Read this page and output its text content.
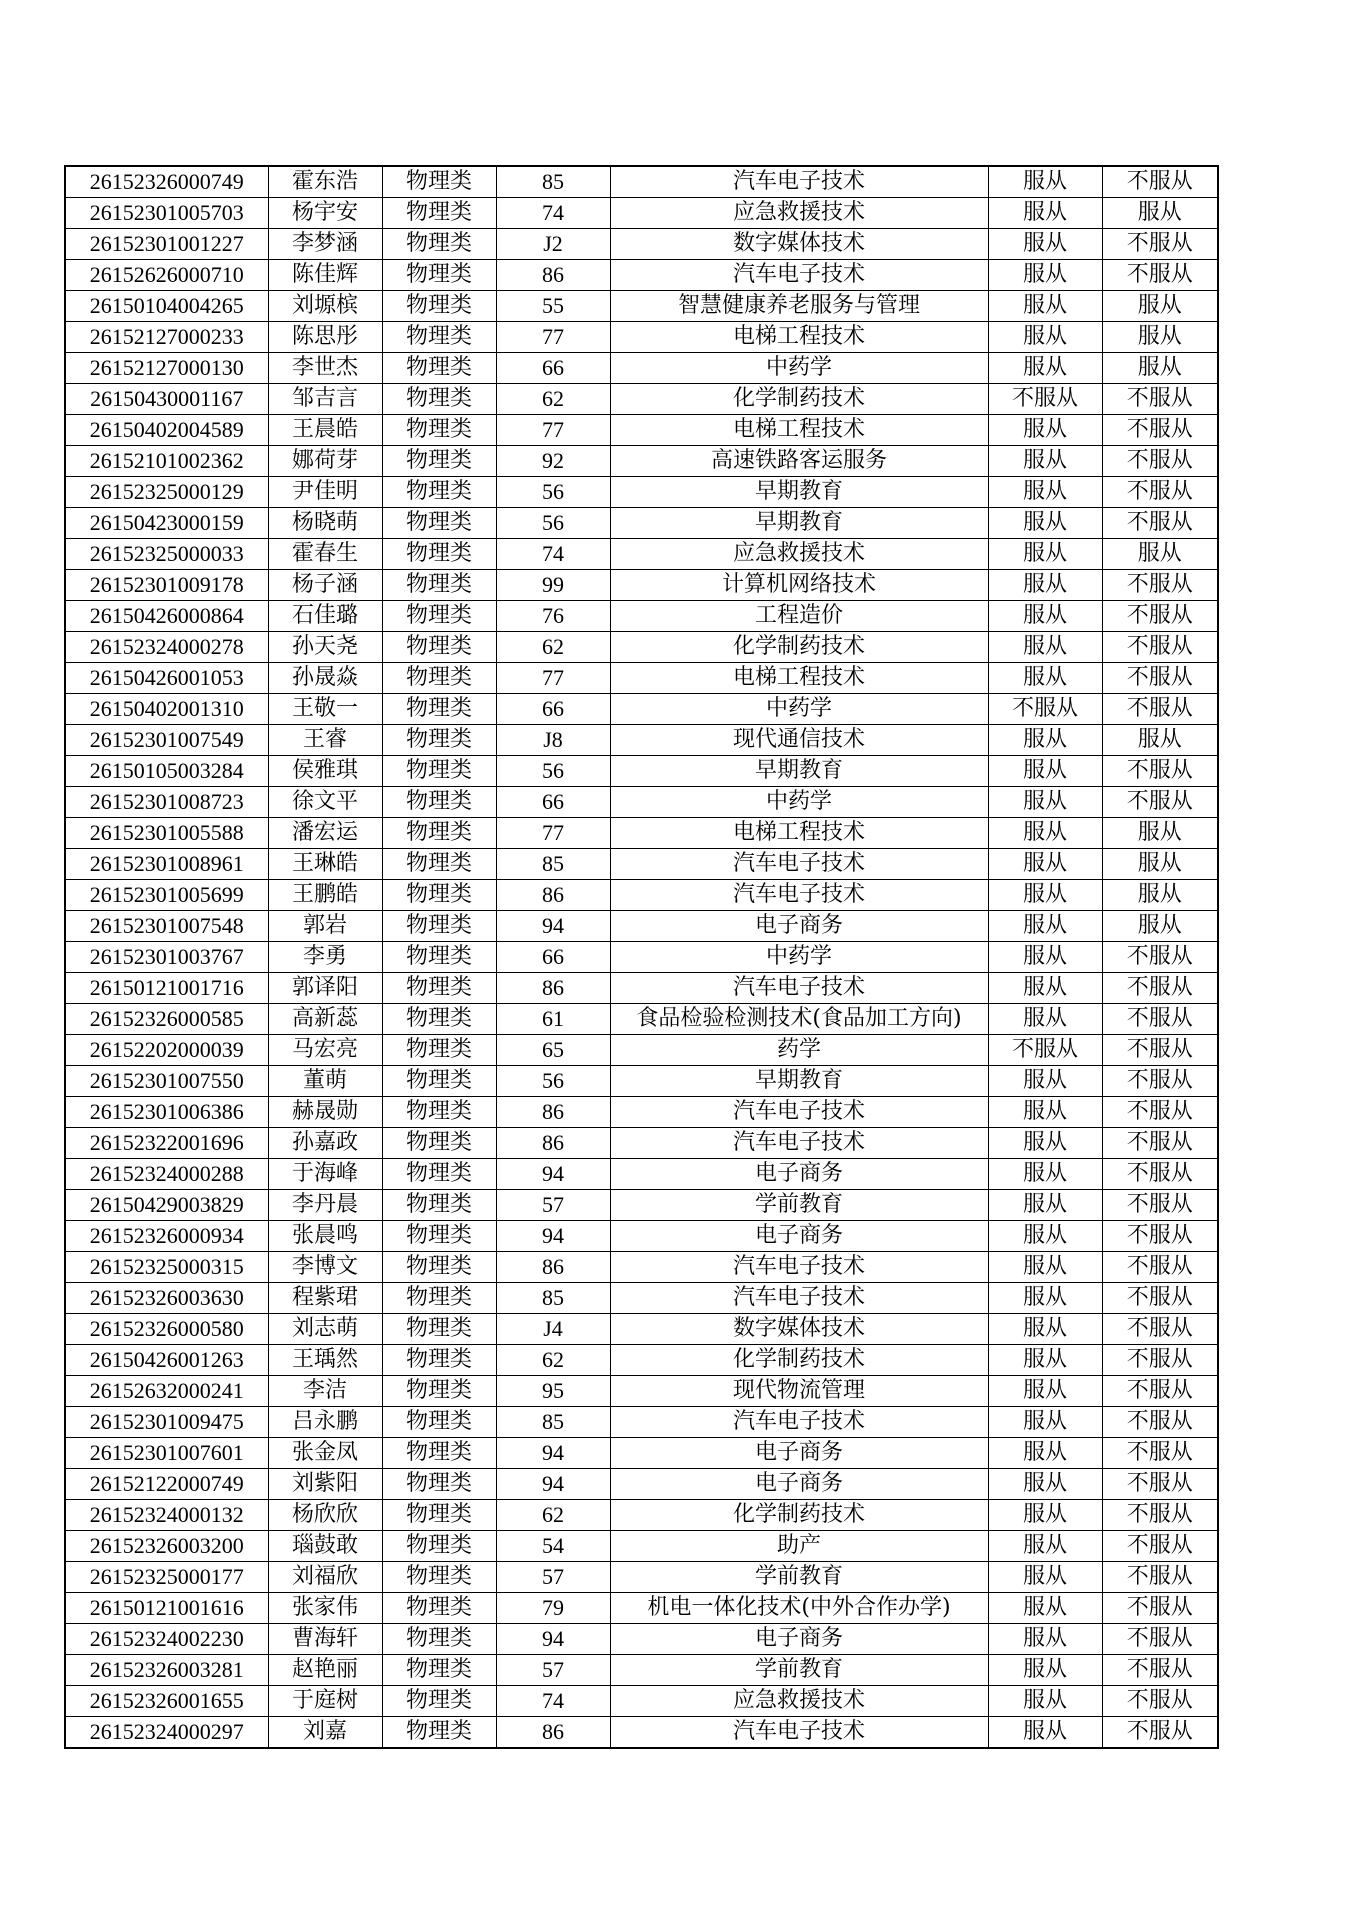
26152326000749	霍东浩	物理类	85	汽车电子技术	服从	不服从
26152301005703	杨宇安	物理类	74	应急救援技术	服从	服从
26152301001227	李梦涵	物理类	J2	数字媒体技术	服从	不服从
26152626000710	陈佳辉	物理类	86	汽车电子技术	服从	不服从
26150104004265	刘塬槟	物理类	55	智慧健康养老服务与管理	服从	服从
26152127000233	陈思彤	物理类	77	电梯工程技术	服从	服从
26152127000130	李世杰	物理类	66	中药学	服从	服从
26150430001167	邹吉言	物理类	62	化学制药技术	不服从	不服从
26150402004589	王晨皓	物理类	77	电梯工程技术	服从	不服从
26152101002362	娜荷芽	物理类	92	高速铁路客运服务	服从	不服从
26152325000129	尹佳明	物理类	56	早期教育	服从	不服从
26150423000159	杨晓萌	物理类	56	早期教育	服从	不服从
26152325000033	霍春生	物理类	74	应急救援技术	服从	服从
26152301009178	杨子涵	物理类	99	计算机网络技术	服从	不服从
26150426000864	石佳璐	物理类	76	工程造价	服从	不服从
26152324000278	孙天尧	物理类	62	化学制药技术	服从	不服从
26150426001053	孙晟焱	物理类	77	电梯工程技术	服从	不服从
26150402001310	王敬一	物理类	66	中药学	不服从	不服从
26152301007549	王睿	物理类	J8	现代通信技术	服从	服从
26150105003284	侯雅琪	物理类	56	早期教育	服从	不服从
26152301008723	徐文平	物理类	66	中药学	服从	不服从
26152301005588	潘宏运	物理类	77	电梯工程技术	服从	服从
26152301008961	王琳皓	物理类	85	汽车电子技术	服从	服从
26152301005699	王鹏皓	物理类	86	汽车电子技术	服从	服从
26152301007548	郭岩	物理类	94	电子商务	服从	服从
26152301003767	李勇	物理类	66	中药学	服从	不服从
26150121001716	郭译阳	物理类	86	汽车电子技术	服从	不服从
26152326000585	高新蕊	物理类	61	食品检验检测技术(食品加工方向)	服从	不服从
26152202000039	马宏亮	物理类	65	药学	不服从	不服从
26152301007550	董萌	物理类	56	早期教育	服从	不服从
26152301006386	赫晟勋	物理类	86	汽车电子技术	服从	不服从
26152322001696	孙嘉政	物理类	86	汽车电子技术	服从	不服从
26152324000288	于海峰	物理类	94	电子商务	服从	不服从
26150429003829	李丹晨	物理类	57	学前教育	服从	不服从
26152326000934	张晨鸣	物理类	94	电子商务	服从	不服从
26152325000315	李博文	物理类	86	汽车电子技术	服从	不服从
26152326003630	程紫珺	物理类	85	汽车电子技术	服从	不服从
26152326000580	刘志萌	物理类	J4	数字媒体技术	服从	不服从
26150426001263	王瑀然	物理类	62	化学制药技术	服从	不服从
26152632000241	李洁	物理类	95	现代物流管理	服从	不服从
26152301009475	吕永鹏	物理类	85	汽车电子技术	服从	不服从
26152301007601	张金凤	物理类	94	电子商务	服从	不服从
26152122000749	刘紫阳	物理类	94	电子商务	服从	不服从
26152324000132	杨欣欣	物理类	62	化学制药技术	服从	不服从
26152326003200	瑙鼓敢	物理类	54	助产	服从	不服从
26152325000177	刘福欣	物理类	57	学前教育	服从	不服从
26150121001616	张家伟	物理类	79	机电一体化技术(中外合作办学)	服从	不服从
26152324002230	曹海轩	物理类	94	电子商务	服从	不服从
26152326003281	赵艳丽	物理类	57	学前教育	服从	不服从
26152326001655	于庭树	物理类	74	应急救援技术	服从	不服从
26152324000297	刘嘉	物理类	86	汽车电子技术	服从	不服从
